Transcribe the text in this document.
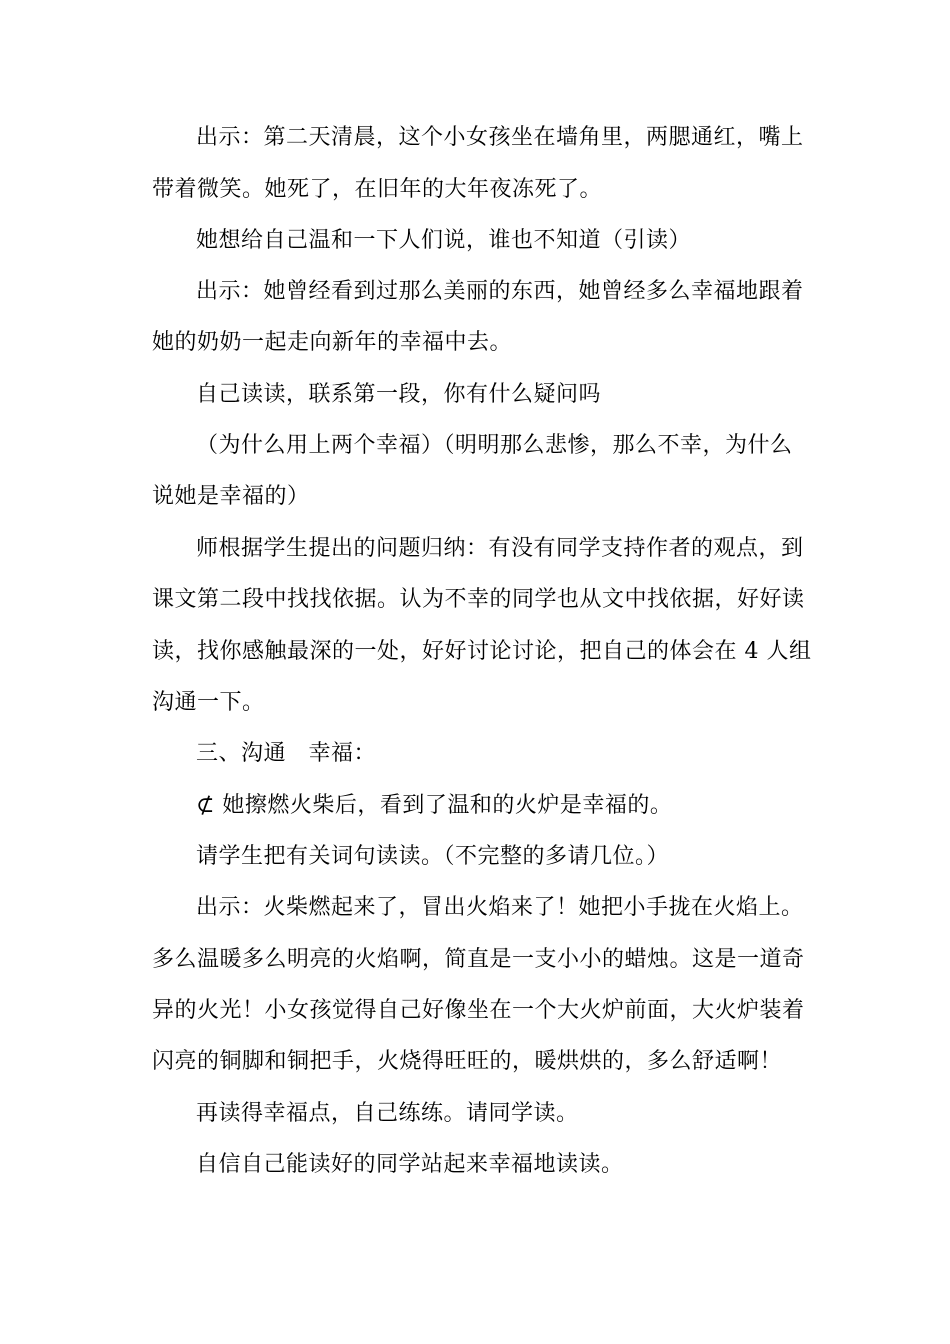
出示：第二天清晨，这个小女孩坐在墙角里，两腮通红，嘴上
带着微笑。她死了，在旧年的大年夜冻死了。
她想给自己温和一下人们说，谁也不知道（引读）
出示：她曾经看到过那么美丽的东西，她曾经多么幸福地跟着
她的奶奶一起走向新年的幸福中去。
自己读读，联系第一段，你有什么疑问吗
（为什么用上两个幸福）（明明那么悲惨，那么不幸，为什么
说她是幸福的）
师根据学生提出的问题归纳：有没有同学支持作者的观点，到
课文第二段中找找依据。认为不幸的同学也从文中找依据，好好读
读，找你感触最深的一处，好好讨论讨论，把自己的体会在 4 人组
沟通一下。
三、沟通　幸福：
⊄ 她擦燃火柴后，看到了温和的火炉是幸福的。
请学生把有关词句读读。（不完整的多请几位。）
出示：火柴燃起来了，冒出火焰来了！她把小手拢在火焰上。
多么温暖多么明亮的火焰啊，简直是一支小小的蜡烛。这是一道奇
异的火光！小女孩觉得自己好像坐在一个大火炉前面，大火炉装着
闪亮的铜脚和铜把手，火烧得旺旺的，暖烘烘的，多么舒适啊！
再读得幸福点，自己练练。请同学读。
自信自己能读好的同学站起来幸福地读读。
